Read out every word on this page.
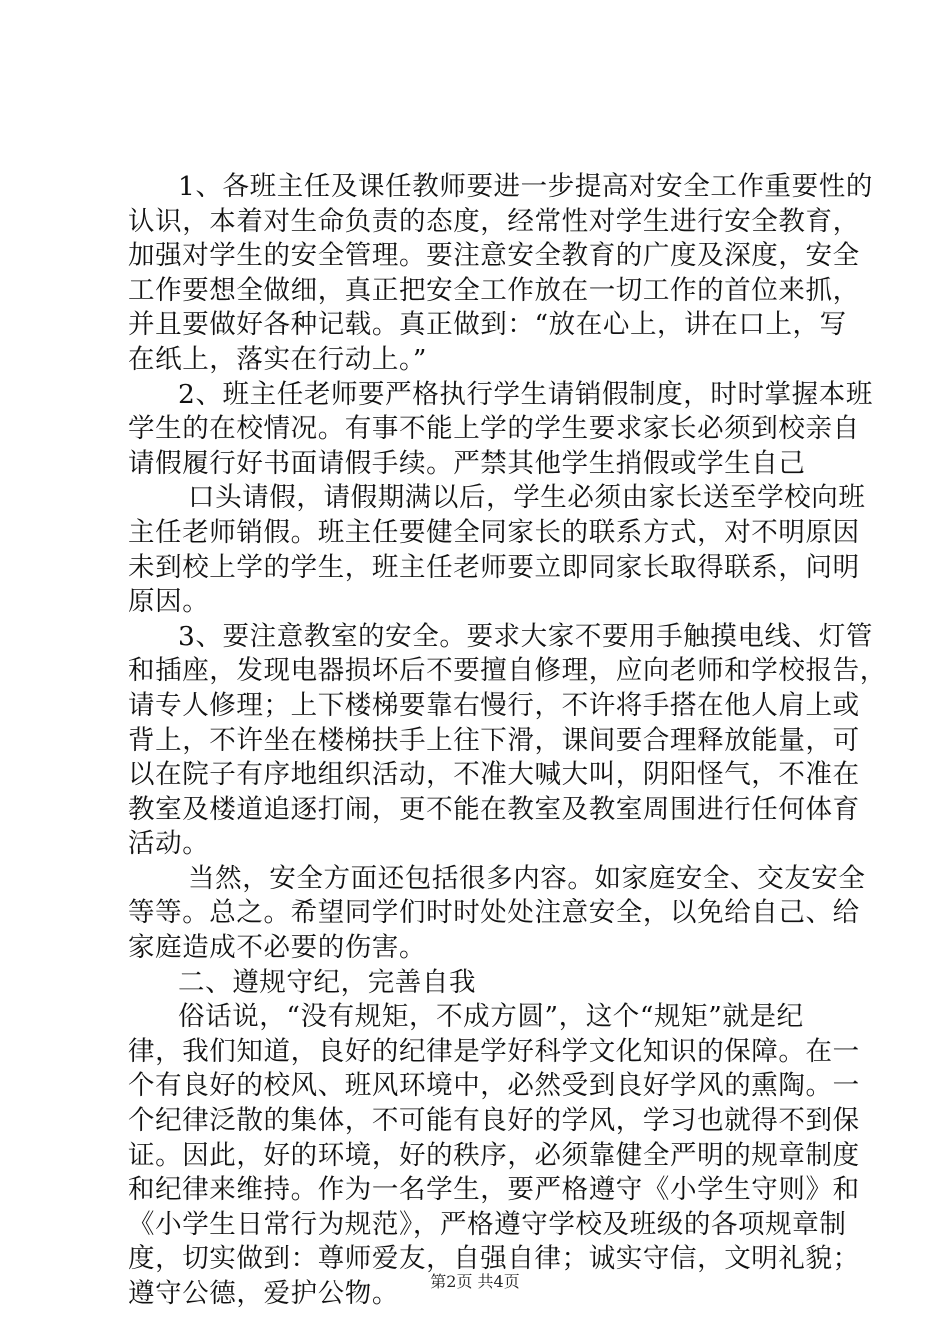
1、各班主任及课任教师要进一步提高对安全工作重要性的
认识，本着对生命负责的态度，经常性对学生进行安全教育，
加强对学生的安全管理。要注意安全教育的广度及深度，安全
工作要想全做细，真正把安全工作放在一切工作的首位来抓，
并且要做好各种记载。真正做到：“放在心上，讲在口上，写
在纸上，落实在行动上。”
2、班主任老师要严格执行学生请销假制度，时时掌握本班
学生的在校情况。有事不能上学的学生要求家长必须到校亲自
请假履行好书面请假手续。严禁其他学生捎假或学生自己
口头请假，请假期满以后，学生必须由家长送至学校向班
主任老师销假。班主任要健全同家长的联系方式，对不明原因
未到校上学的学生，班主任老师要立即同家长取得联系，问明
原因。
3、要注意教室的安全。要求大家不要用手触摸电线、灯管
和插座，发现电器损坏后不要擅自修理，应向老师和学校报告，
请专人修理；上下楼梯要靠右慢行，不许将手搭在他人肩上或
背上，不许坐在楼梯扶手上往下滑，课间要合理释放能量，可
以在院子有序地组织活动，不准大喊大叫，阴阳怪气，不准在
教室及楼道追逐打闹，更不能在教室及教室周围进行任何体育
活动。
当然，安全方面还包括很多内容。如家庭安全、交友安全
等等。总之。希望同学们时时处处注意安全，以免给自己、给
家庭造成不必要的伤害。
二、遵规守纪，完善自我
俗话说，“没有规矩，不成方圆”，这个“规矩”就是纪
律，我们知道，良好的纪律是学好科学文化知识的保障。在一
个有良好的校风、班风环境中，必然受到良好学风的熏陶。一
个纪律泛散的集体，不可能有良好的学风，学习也就得不到保
证。因此，好的环境，好的秩序，必须靠健全严明的规章制度
和纪律来维持。作为一名学生，要严格遵守《小学生守则》和
《小学生日常行为规范》，严格遵守学校及班级的各项规章制
度，切实做到：尊师爱友，自强自律；诚实守信，文明礼貌；
遵守公德，爱护公物。	第2页 共4页
